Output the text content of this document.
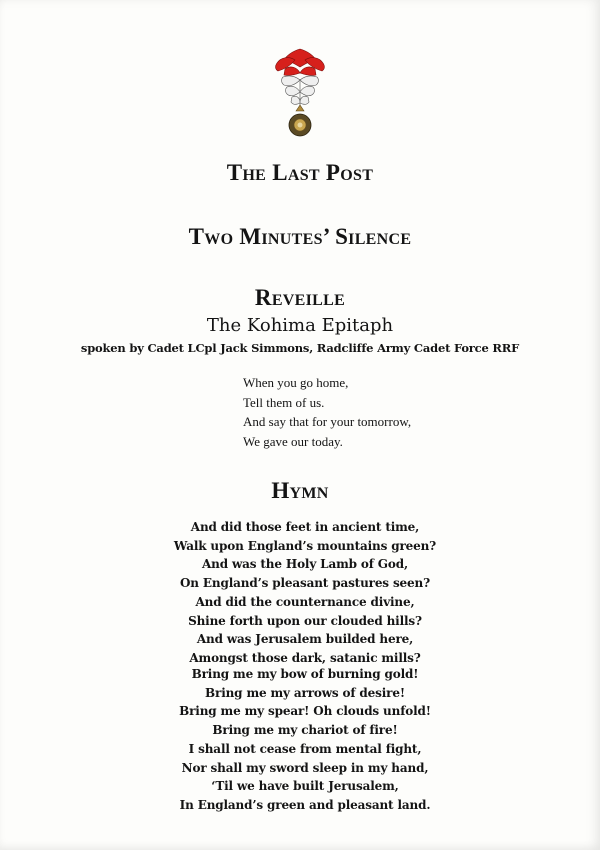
The Last Post
Two Minutes’ Silence
Reveille
The Kohima Epitaph
spoken by Cadet LCpl Jack Simmons, Radcliffe Army Cadet Force RRF
When you go home,
Tell them of us.
And say that for your tomorrow,
We gave our today.
Hymn
And did those feet in ancient time,
Walk upon England’s mountains green?
And was the Holy Lamb of God,
On England’s pleasant pastures seen?
And did the counternance divine,
Shine forth upon our clouded hills?
And was Jerusalem builded here,
Amongst those dark, satanic mills?
Bring me my bow of burning gold!
Bring me my arrows of desire!
Bring me my spear! Oh clouds unfold!
Bring me my chariot of fire!
I shall not cease from mental fight,
Nor shall my sword sleep in my hand,
‘Til we have built Jerusalem,
In England’s green and pleasant land.
